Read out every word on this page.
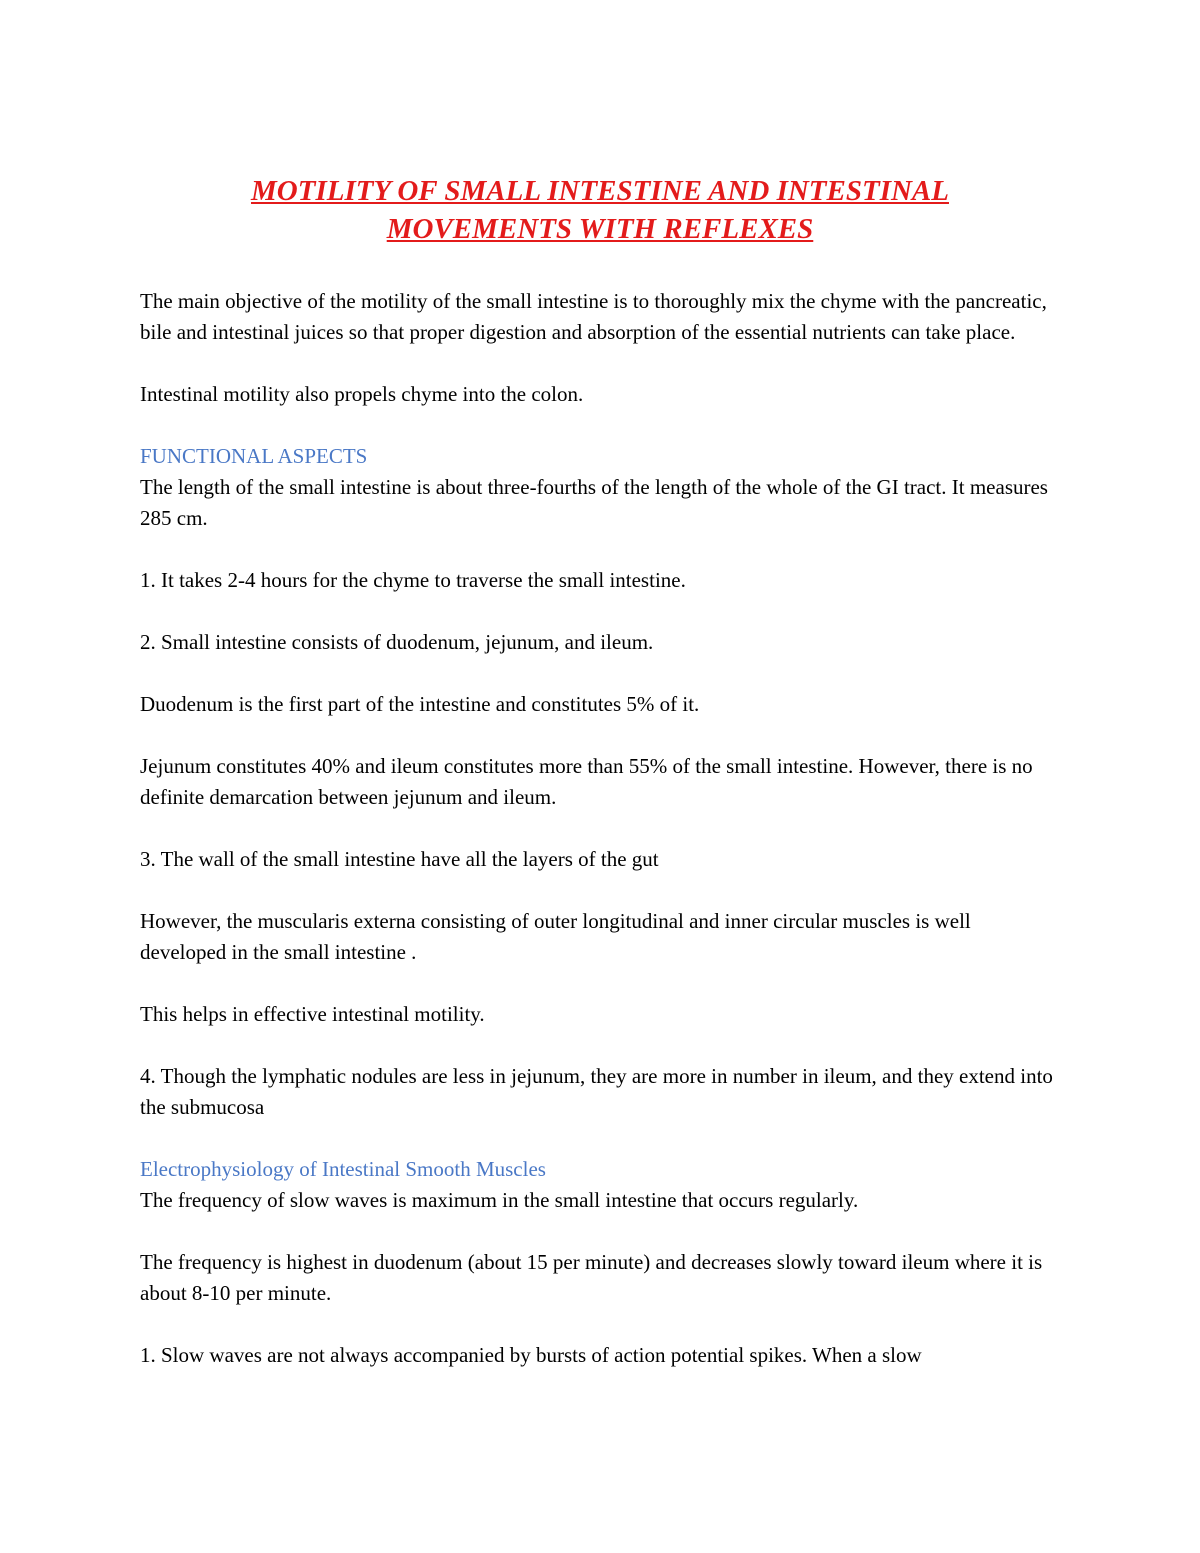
MOTILITY OF SMALL INTESTINE AND INTESTINAL
MOVEMENTS WITH REFLEXES

The main objective of the motility of the small intestine is to thoroughly mix the chyme with the pancreatic, bile and intestinal juices so that proper digestion and absorption of the essential nutrients can take place.

Intestinal motility also propels chyme into the colon.

FUNCTIONAL ASPECTS

The length of the small intestine is about three-fourths of the length of the whole of the GI tract. It measures 285 cm.

1. It takes 2-4 hours for the chyme to traverse the small intestine.

2. Small intestine consists of duodenum, jejunum, and ileum.

Duodenum is the first part of the intestine and constitutes 5% of it.

Jejunum constitutes 40% and ileum constitutes more than 55% of the small intestine. However, there is no definite demarcation between jejunum and ileum.

3. The wall of the small intestine have all the layers of the gut

However, the muscularis externa consisting of outer longitudinal and inner circular muscles is well developed in the small intestine .

This helps in effective intestinal motility.

4. Though the lymphatic nodules are less in jejunum, they are more in number in ileum, and they extend into the submucosa

Electrophysiology of Intestinal Smooth Muscles

The frequency of slow waves is maximum in the small intestine that occurs regularly.

The frequency is highest in duodenum (about 15 per minute) and decreases slowly toward ileum where it is about 8-10 per minute.

1. Slow waves are not always accompanied by bursts of action potential spikes. When a slow
